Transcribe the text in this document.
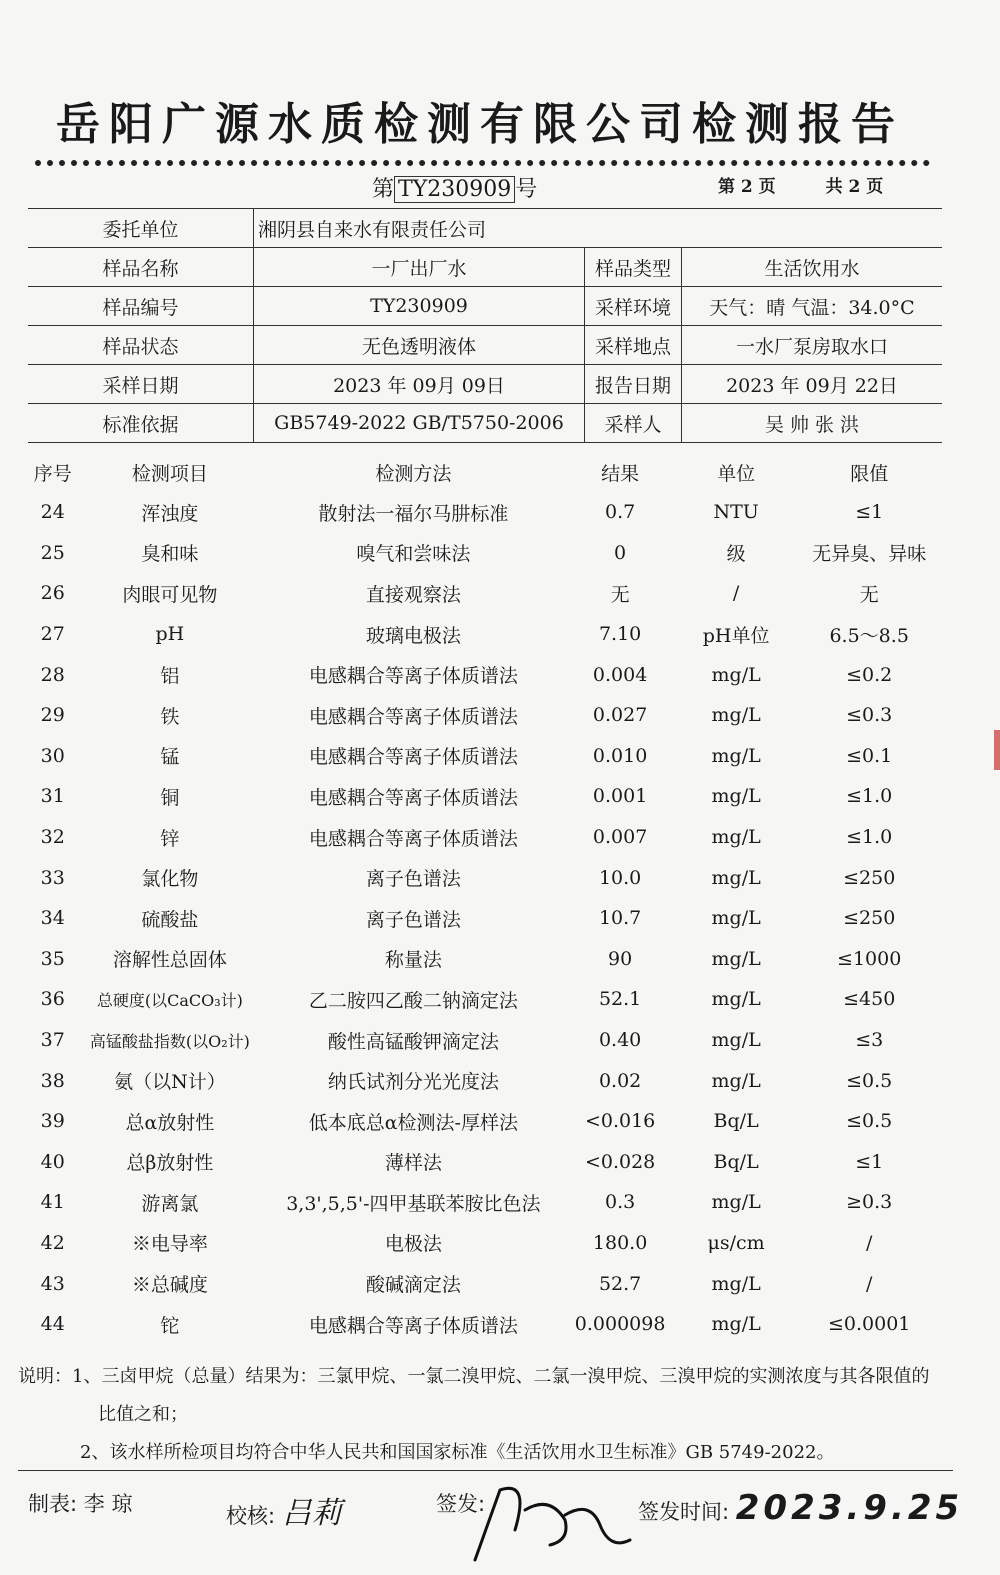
岳阳广源水质检测有限公司检测报告
第 TY230909 号	第 2 页	共 2 页
委托单位	湘阴县自来水有限责任公司		
样品名称	一厂出厂水	样品类型	生活饮用水
样品编号	TY230909	采样环境	天气：晴 气温：34.0°C
样品状态	无色透明液体	采样地点	一水厂泵房取水口
采样日期	2023 年 09月 09日	报告日期	2023 年 09月 22日
标准依据	GB5749-2022 GB/T5750-2006	采样人	吴 帅 张 洪
序号	检测项目	检测方法	结果	单位	限值
24	浑浊度	散射法一福尔马肼标准	0.7	NTU	≤1
25	臭和味	嗅气和尝味法	0	级	无异臭、异味
26	肉眼可见物	直接观察法	无	/	无
27	pH	玻璃电极法	7.10	pH单位	6.5～8.5
28	铝	电感耦合等离子体质谱法	0.004	mg/L	≤0.2
29	铁	电感耦合等离子体质谱法	0.027	mg/L	≤0.3
30	锰	电感耦合等离子体质谱法	0.010	mg/L	≤0.1
31	铜	电感耦合等离子体质谱法	0.001	mg/L	≤1.0
32	锌	电感耦合等离子体质谱法	0.007	mg/L	≤1.0
33	氯化物	离子色谱法	10.0	mg/L	≤250
34	硫酸盐	离子色谱法	10.7	mg/L	≤250
35	溶解性总固体	称量法	90	mg/L	≤1000
36	总硬度(以CaCO₃计)	乙二胺四乙酸二钠滴定法	52.1	mg/L	≤450
37	高锰酸盐指数(以O₂计)	酸性高锰酸钾滴定法	0.40	mg/L	≤3
38	氨（以N计）	纳氏试剂分光光度法	0.02	mg/L	≤0.5
39	总α放射性	低本底总α检测法-厚样法	<0.016	Bq/L	≤0.5
40	总β放射性	薄样法	<0.028	Bq/L	≤1
41	游离氯	3,3',5,5'-四甲基联苯胺比色法	0.3	mg/L	≥0.3
42	※电导率	电极法	180.0	μs/cm	/
43	※总碱度	酸碱滴定法	52.7	mg/L	/
44	铊	电感耦合等离子体质谱法	0.000098	mg/L	≤0.0001
说明：1、三卤甲烷（总量）结果为：三氯甲烷、一氯二溴甲烷、二氯一溴甲烷、三溴甲烷的实测浓度与其各限值的
比值之和；
2、该水样所检项目均符合中华人民共和国国家标准《生活饮用水卫生标准》GB 5749-2022。
制表: 李 琼	校核: 吕莉	签发:	签发时间: 2023.9.25
